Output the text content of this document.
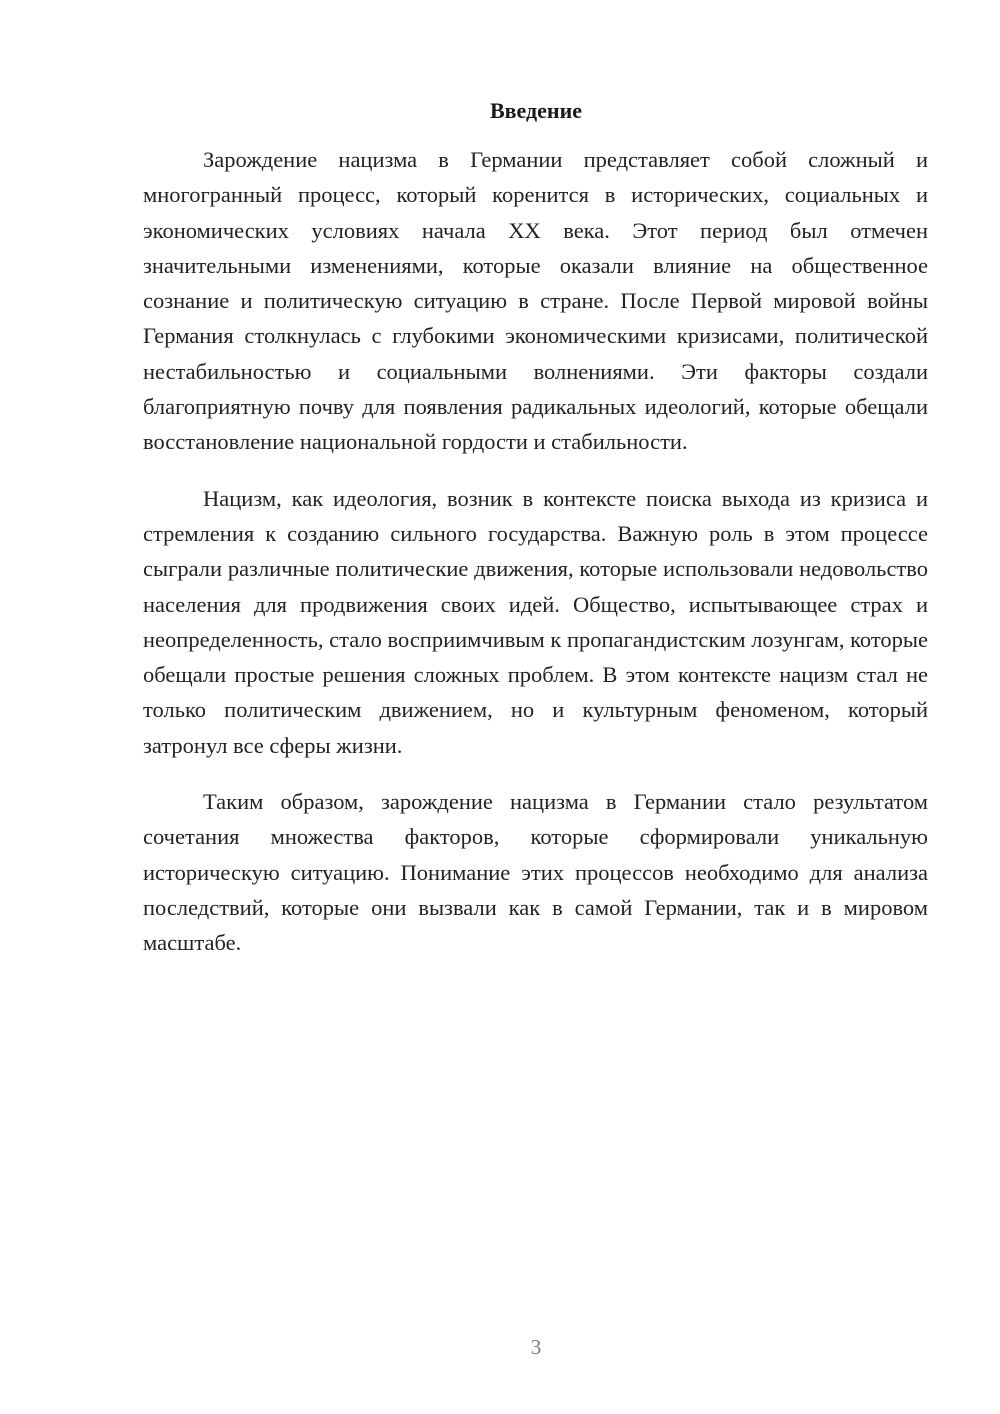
Введение

Зарождение нацизма в Германии представляет собой сложный и многогранный процесс, который коренится в исторических, социальных и экономических условиях начала XX века. Этот период был отмечен значительными изменениями, которые оказали влияние на общественное сознание и политическую ситуацию в стране. После Первой мировой войны Германия столкнулась с глубокими экономическими кризисами, политической нестабильностью и социальными волнениями. Эти факторы создали благоприятную почву для появления радикальных идеологий, которые обещали восстановление национальной гордости и стабильности.

Нацизм, как идеология, возник в контексте поиска выхода из кризиса и стремления к созданию сильного государства. Важную роль в этом процессе сыграли различные политические движения, которые использовали недовольство населения для продвижения своих идей. Общество, испытывающее страх и неопределенность, стало восприимчивым к пропагандистским лозунгам, которые обещали простые решения сложных проблем. В этом контексте нацизм стал не только политическим движением, но и культурным феноменом, который затронул все сферы жизни.

Таким образом, зарождение нацизма в Германии стало результатом сочетания множества факторов, которые сформировали уникальную историческую ситуацию. Понимание этих процессов необходимо для анализа последствий, которые они вызвали как в самой Германии, так и в мировом масштабе.

3
